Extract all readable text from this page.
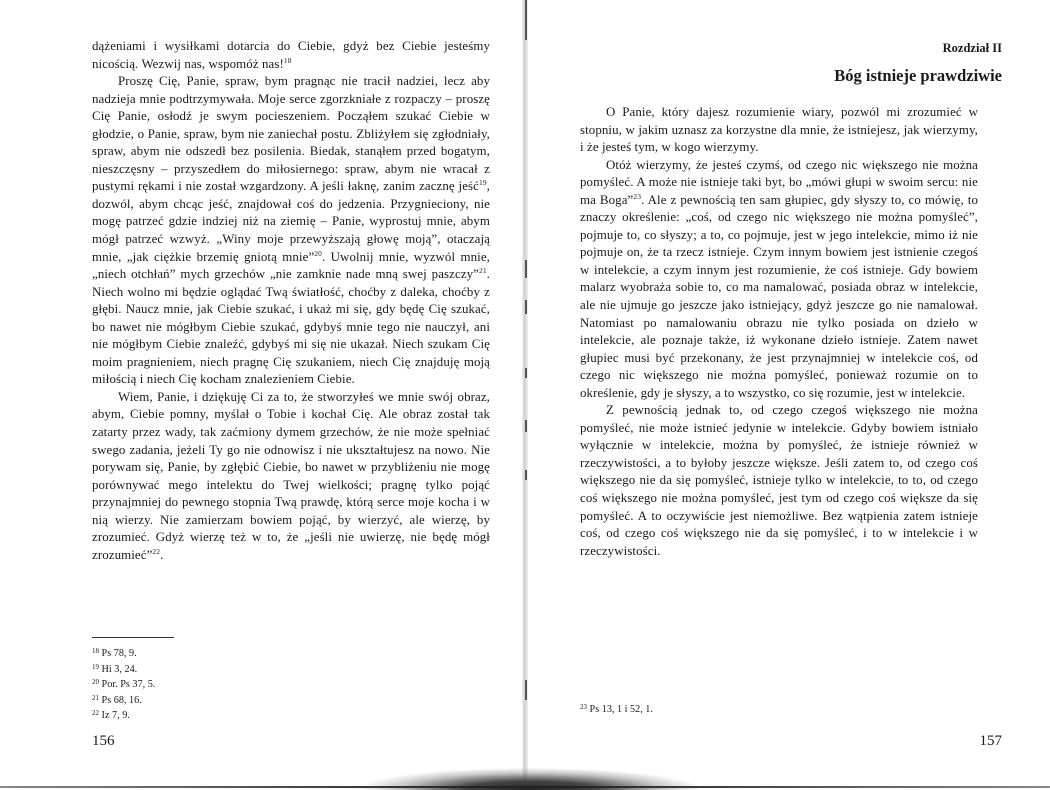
dążeniami i wysiłkami dotarcia do Ciebie, gdyż bez Ciebie jesteśmy nicością. Wezwij nas, wspomóż nas!$^{18}$

Proszę Cię, Panie, spraw, bym pragnąc nie tracił nadziei, lecz aby nadzieja mnie podtrzymywała. Moje serce zgorzkniałe z rozpaczy – proszę Cię Panie, osłodź je swym pocieszeniem. Począłem szukać Ciebie w głodzie, o Panie, spraw, bym nie zaniechał postu. Zbliżyłem się zgłodniały, spraw, abym nie odszedł bez posilenia. Biedak, stanąłem przed bogatym, nieszczęsny – przyszedłem do miłosiernego: spraw, abym nie wracał z pustymi rękami i nie został wzgardzony. A jeśli łaknę, zanim zacznę jeść$^{19}$, dozwól, abym chcąc jeść, znajdował coś do jedzenia. Przygnieciony, nie mogę patrzeć gdzie indziej niż na ziemię – Panie, wyprostuj mnie, abym mógł patrzeć wzwyż. „Winy moje przewyższają głowę moją”, otaczają mnie, „jak ciężkie brzemię gniotą mnie”$^{20}$. Uwolnij mnie, wyzwól mnie, „niech otchłań” mych grzechów „nie zamknie nade mną swej paszczy”$^{21}$. Niech wolno mi będzie oglądać Twą światłość, choćby z daleka, choćby z głębi. Naucz mnie, jak Ciebie szukać, i ukaż mi się, gdy będę Cię szukać, bo nawet nie mógłbym Ciebie szukać, gdybyś mnie tego nie nauczył, ani nie mógłbym Ciebie znaleźć, gdybyś mi się nie ukazał. Niech szukam Cię moim pragnieniem, niech pragnę Cię szukaniem, niech Cię znajduję moją miłością i niech Cię kocham znalezieniem Ciebie.

Wiem, Panie, i dziękuję Ci za to, że stworzyłeś we mnie swój obraz, abym, Ciebie pomny, myślał o Tobie i kochał Cię. Ale obraz został tak zatarty przez wady, tak zaćmiony dymem grzechów, że nie może spełniać swego zadania, jeżeli Ty go nie odnowisz i nie ukształtujesz na nowo. Nie porywam się, Panie, by zgłębić Ciebie, bo nawet w przybliżeniu nie mogę porównywać mego intelektu do Twej wielkości; pragnę tylko pojąć przynajmniej do pewnego stopnia Twą prawdę, którą serce moje kocha i w nią wierzy. Nie zamierzam bowiem pojąć, by wierzyć, ale wierzę, by zrozumieć. Gdyż wierzę też w to, że „jeśli nie uwierzę, nie będę mógł zrozumieć”$^{22}$.

$^{18}$ Ps 78, 9.
$^{19}$ Hi 3, 24.
$^{20}$ Por. Ps 37, 5.
$^{21}$ Ps 68, 16.
$^{22}$ Iz 7, 9.
156
Rozdział II
Bóg istnieje prawdziwie

O Panie, który dajesz rozumienie wiary, pozwól mi zrozumieć w stopniu, w jakim uznasz za korzystne dla mnie, że istniejesz, jak wierzymy, i że jesteś tym, w kogo wierzymy.

Otóż wierzymy, że jesteś czymś, od czego nic większego nie można pomyśleć. A może nie istnieje taki byt, bo „mówi głupi w swoim sercu: nie ma Boga”$^{23}$. Ale z pewnością ten sam głupiec, gdy słyszy to, co mówię, to znaczy określenie: „coś, od czego nic większego nie można pomyśleć”, pojmuje to, co słyszy; a to, co pojmuje, jest w jego intelekcie, mimo iż nie pojmuje on, że ta rzecz istnieje. Czym innym bowiem jest istnienie czegoś w intelekcie, a czym innym jest rozumienie, że coś istnieje. Gdy bowiem malarz wyobraża sobie to, co ma namalować, posiada obraz w intelekcie, ale nie ujmuje go jeszcze jako istniejący, gdyż jeszcze go nie namalował. Natomiast po namalowaniu obrazu nie tylko posiada on dzieło w intelekcie, ale poznaje także, iż wykonane dzieło istnieje. Zatem nawet głupiec musi być przekonany, że jest przynajmniej w intelekcie coś, od czego nic większego nie można pomyśleć, ponieważ rozumie on to określenie, gdy je słyszy, a to wszystko, co się rozumie, jest w intelekcie.

Z pewnością jednak to, od czego czegoś większego nie można pomyśleć, nie może istnieć jedynie w intelekcie. Gdyby bowiem istniało wyłącznie w intelekcie, można by pomyśleć, że istnieje również w rzeczywistości, a to byłoby jeszcze większe. Jeśli zatem to, od czego coś większego nie da się pomyśleć, istnieje tylko w intelekcie, to to, od czego coś większego nie można pomyśleć, jest tym od czego coś większe da się pomyśleć. A to oczywiście jest niemożliwe. Bez wątpienia zatem istnieje coś, od czego coś większego nie da się pomyśleć, i to w intelekcie i w rzeczywistości.

$^{23}$ Ps 13, 1 i 52, 1.
157
